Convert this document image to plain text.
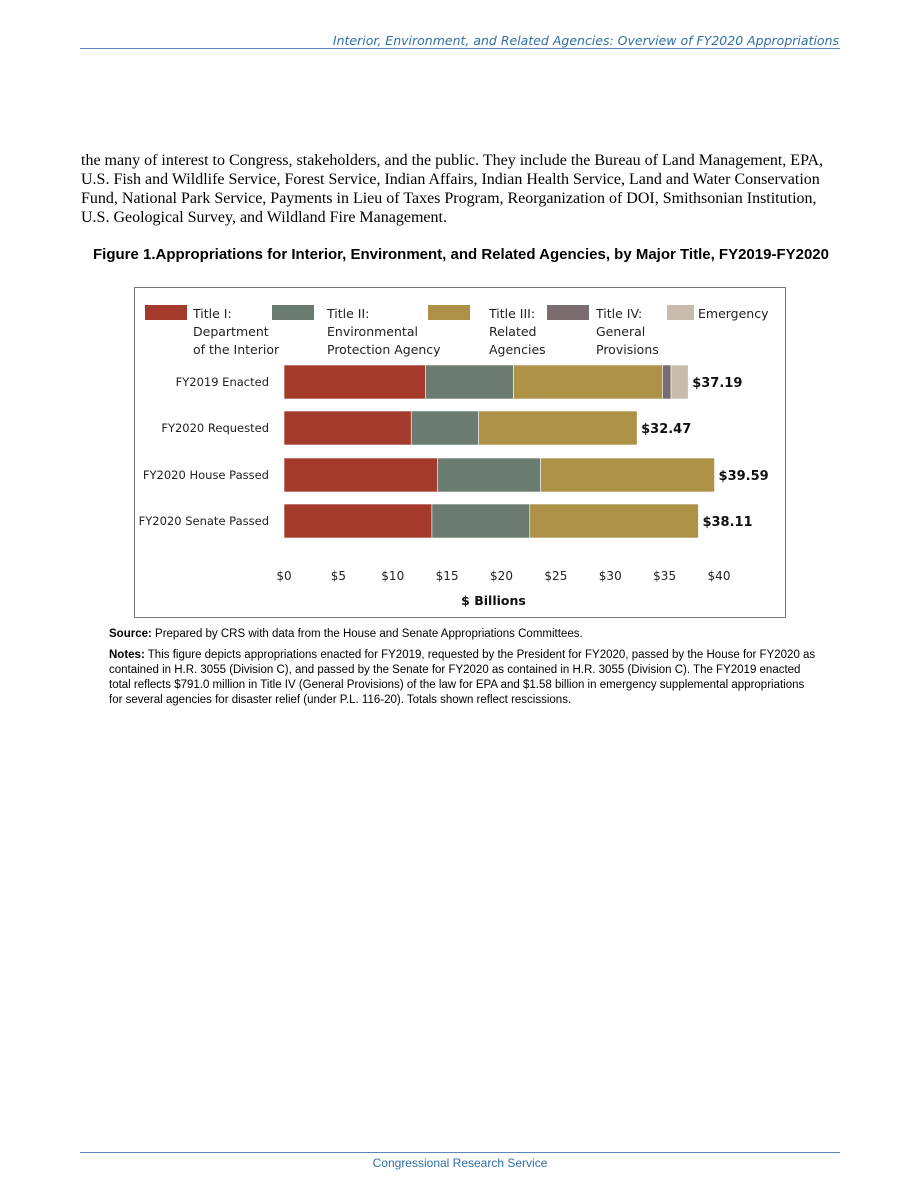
Interior, Environment, and Related Agencies: Overview of FY2020 Appropriations

the many of interest to Congress, stakeholders, and the public. They include the Bureau of Land Management, EPA, U.S. Fish and Wildlife Service, Forest Service, Indian Affairs, Indian Health Service, Land and Water Conservation Fund, National Park Service, Payments in Lieu of Taxes Program, Reorganization of DOI, Smithsonian Institution, U.S. Geological Survey, and Wildland Fire Management.

Figure 1.Appropriations for Interior, Environment, and Related Agencies, by Major Title, FY2019-FY2020

Title I:
Department
of the Interior
Title II:
Environmental
Protection Agency
Title III:
Related
Agencies
Title IV:
General
Provisions
Emergency
FY2019 Enacted	$37.19
FY2020 Requested	$32.47
FY2020 House Passed	$39.59
FY2020 Senate Passed	$38.11
$0	$5	$10	$15	$20	$25	$30	$35	$40
$ Billions

Source: Prepared by CRS with data from the House and Senate Appropriations Committees.

Notes: This figure depicts appropriations enacted for FY2019, requested by the President for FY2020, passed by the House for FY2020 as contained in H.R. 3055 (Division C), and passed by the Senate for FY2020 as contained in H.R. 3055 (Division C). The FY2019 enacted total reflects $791.0 million in Title IV (General Provisions) of the law for EPA and $1.58 billion in emergency supplemental appropriations for several agencies for disaster relief (under P.L. 116-20). Totals shown reflect rescissions.

Congressional Research Service
